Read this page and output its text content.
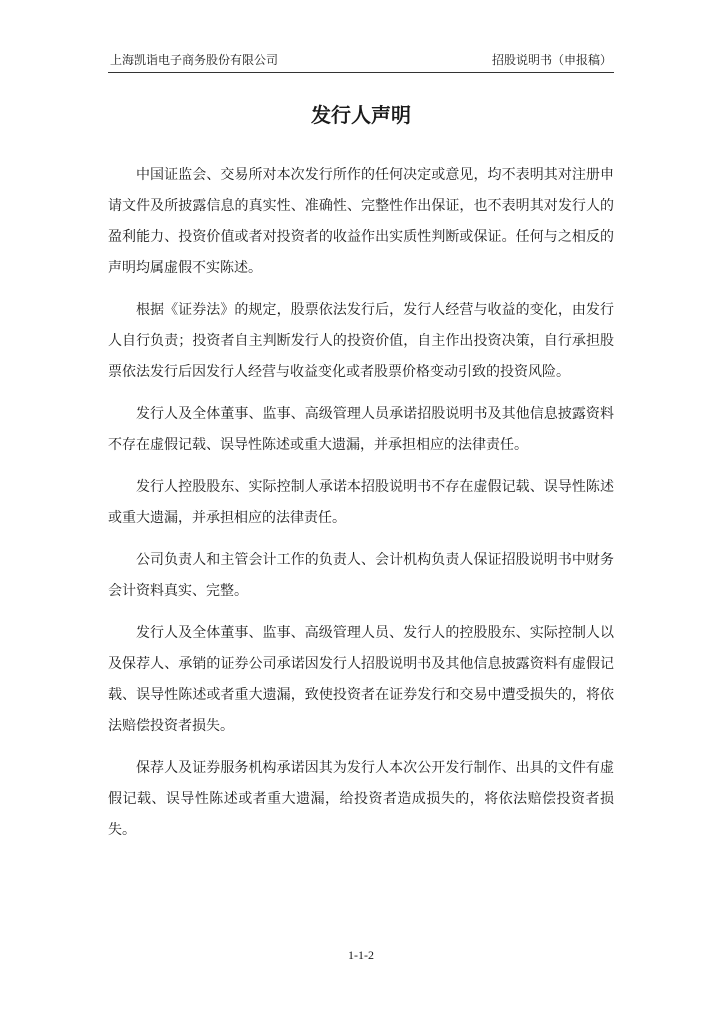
上海凯诣电子商务股份有限公司	招股说明书（申报稿）
发行人声明

中国证监会、交易所对本次发行所作的任何决定或意见，均不表明其对注册申请文件及所披露信息的真实性、准确性、完整性作出保证，也不表明其对发行人的盈利能力、投资价值或者对投资者的收益作出实质性判断或保证。任何与之相反的声明均属虚假不实陈述。

根据《证券法》的规定，股票依法发行后，发行人经营与收益的变化，由发行人自行负责；投资者自主判断发行人的投资价值，自主作出投资决策，自行承担股票依法发行后因发行人经营与收益变化或者股票价格变动引致的投资风险。

发行人及全体董事、监事、高级管理人员承诺招股说明书及其他信息披露资料不存在虚假记载、误导性陈述或重大遗漏，并承担相应的法律责任。

发行人控股股东、实际控制人承诺本招股说明书不存在虚假记载、误导性陈述或重大遗漏，并承担相应的法律责任。

公司负责人和主管会计工作的负责人、会计机构负责人保证招股说明书中财务会计资料真实、完整。

发行人及全体董事、监事、高级管理人员、发行人的控股股东、实际控制人以及保荐人、承销的证券公司承诺因发行人招股说明书及其他信息披露资料有虚假记载、误导性陈述或者重大遗漏，致使投资者在证券发行和交易中遭受损失的，将依法赔偿投资者损失。

保荐人及证券服务机构承诺因其为发行人本次公开发行制作、出具的文件有虚假记载、误导性陈述或者重大遗漏，给投资者造成损失的，将依法赔偿投资者损失。

1-1-2
